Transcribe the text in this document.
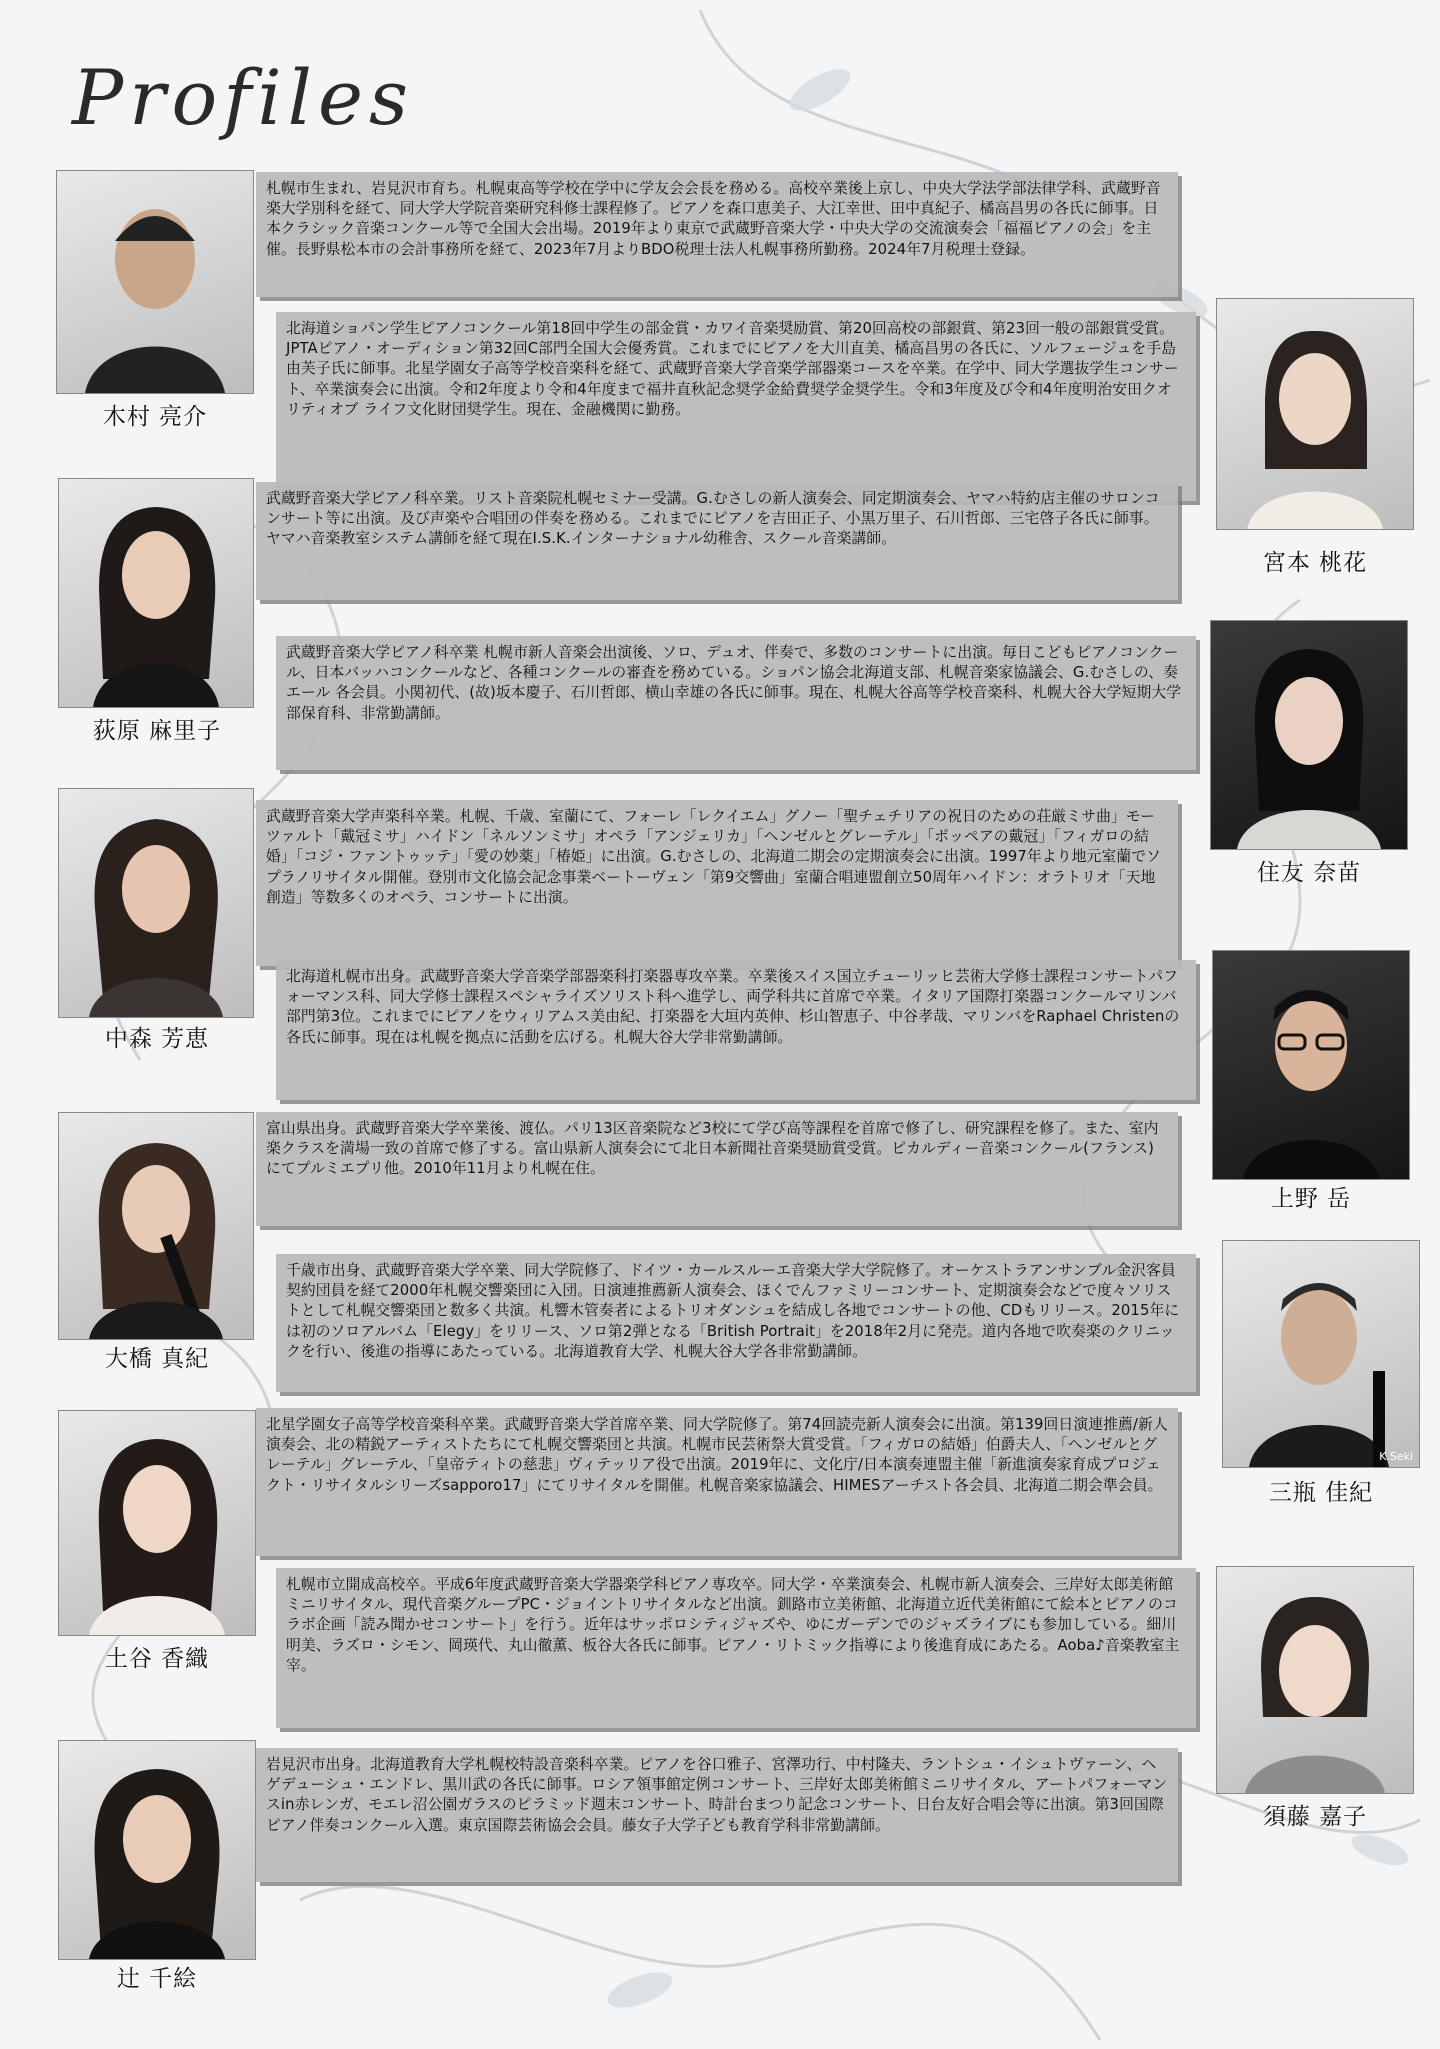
Profiles
木村 亮介
札幌市生まれ、岩見沢市育ち。札幌東高等学校在学中に学友会会長を務める。高校卒業後上京し、中央大学法学部法律学科、武蔵野音楽大学別科を経て、同大学大学院音楽研究科修士課程修了。ピアノを森口恵美子、大江幸世、田中真紀子、橘高昌男の各氏に師事。日本クラシック音楽コンクール等で全国大会出場。2019年より東京で武蔵野音楽大学・中央大学の交流演奏会「福福ピアノの会」を主催。長野県松本市の会計事務所を経て、2023年7月よりBDO税理士法人札幌事務所勤務。2024年7月税理士登録。
宮本 桃花
北海道ショパン学生ピアノコンクール第18回中学生の部金賞・カワイ音楽奨励賞、第20回高校の部銀賞、第23回一般の部銀賞受賞。JPTAピアノ・オーディション第32回C部門全国大会優秀賞。これまでにピアノを大川直美、橘高昌男の各氏に、ソルフェージュを手島由芙子氏に師事。北星学園女子高等学校音楽科を経て、武蔵野音楽大学音楽学部器楽コースを卒業。在学中、同大学選抜学生コンサート、卒業演奏会に出演。令和2年度より令和4年度まで福井直秋記念奨学金給費奨学金奨学生。令和3年度及び令和4年度明治安田クオリティオブ ライフ文化財団奨学生。現在、金融機関に勤務。
荻原 麻里子
武蔵野音楽大学ピアノ科卒業。リスト音楽院札幌セミナー受講。G.むさしの新人演奏会、同定期演奏会、ヤマハ特約店主催のサロンコンサート等に出演。及び声楽や合唱団の伴奏を務める。これまでにピアノを吉田正子、小黒万里子、石川哲郎、三宅啓子各氏に師事。ヤマハ音楽教室システム講師を経て現在I.S.K.インターナショナル幼稚舎、スクール音楽講師。
住友 奈苗
武蔵野音楽大学ピアノ科卒業 札幌市新人音楽会出演後、ソロ、デュオ、伴奏で、多数のコンサートに出演。毎日こどもピアノコンクール、日本バッハコンクールなど、各種コンクールの審査を務めている。ショパン協会北海道支部、札幌音楽家協議会、G.むさしの、奏エール 各会員。小関初代、(故)坂本慶子、石川哲郎、横山幸雄の各氏に師事。現在、札幌大谷高等学校音楽科、札幌大谷大学短期大学部保育科、非常勤講師。
中森 芳恵
武蔵野音楽大学声楽科卒業。札幌、千歳、室蘭にて、フォーレ「レクイエム」グノー「聖チェチリアの祝日のための荘厳ミサ曲」モーツァルト「戴冠ミサ」ハイドン「ネルソンミサ」オペラ「アンジェリカ」「ヘンゼルとグレーテル」「ポッペアの戴冠」「フィガロの結婚」「コジ・ファントゥッテ」「愛の妙薬」「椿姫」に出演。G.むさしの、北海道二期会の定期演奏会に出演。1997年より地元室蘭でソプラノリサイタル開催。登別市文化協会記念事業ベートーヴェン「第9交響曲」室蘭合唱連盟創立50周年ハイドン：オラトリオ「天地創造」等数多くのオペラ、コンサートに出演。
上野 岳
北海道札幌市出身。武蔵野音楽大学音楽学部器楽科打楽器専攻卒業。卒業後スイス国立チューリッヒ芸術大学修士課程コンサートパフォーマンス科、同大学修士課程スペシャライズソリスト科へ進学し、両学科共に首席で卒業。イタリア国際打楽器コンクールマリンバ部門第3位。これまでにピアノをウィリアムス美由紀、打楽器を大垣内英伸、杉山智恵子、中谷孝哉、マリンバをRaphael Christenの各氏に師事。現在は札幌を拠点に活動を広げる。札幌大谷大学非常勤講師。
大橋 真紀
富山県出身。武蔵野音楽大学卒業後、渡仏。パリ13区音楽院など3校にて学び高等課程を首席で修了し、研究課程を修了。また、室内楽クラスを満場一致の首席で修了する。富山県新人演奏会にて北日本新聞社音楽奨励賞受賞。ピカルディー音楽コンクール(フランス)にてプルミエプリ他。2010年11月より札幌在住。
K.Seki
三瓶 佳紀
千歳市出身、武蔵野音楽大学卒業、同大学院修了、ドイツ・カールスルーエ音楽大学大学院修了。オーケストラアンサンブル金沢客員契約団員を経て2000年札幌交響楽団に入団。日演連推薦新人演奏会、ほくでんファミリーコンサート、定期演奏会などで度々ソリストとして札幌交響楽団と数多く共演。札響木管奏者によるトリオダンシュを結成し各地でコンサートの他、CDもリリース。2015年には初のソロアルバム「Elegy」をリリース、ソロ第2弾となる「British Portrait」を2018年2月に発売。道内各地で吹奏楽のクリニックを行い、後進の指導にあたっている。北海道教育大学、札幌大谷大学各非常勤講師。
土谷 香織
北星学園女子高等学校音楽科卒業。武蔵野音楽大学首席卒業、同大学院修了。第74回読売新人演奏会に出演。第139回日演連推薦/新人演奏会、北の精鋭アーティストたちにて札幌交響楽団と共演。札幌市民芸術祭大賞受賞。「フィガロの結婚」伯爵夫人、「ヘンゼルとグレーテル」グレーテル、「皇帝ティトの慈悲」ヴィテッリア役で出演。2019年に、文化庁/日本演奏連盟主催「新進演奏家育成プロジェクト・リサイタルシリーズsapporo17」にてリサイタルを開催。札幌音楽家協議会、HIMESアーチスト各会員、北海道二期会準会員。
須藤 嘉子
札幌市立開成高校卒。平成6年度武蔵野音楽大学器楽学科ピアノ専攻卒。同大学・卒業演奏会、札幌市新人演奏会、三岸好太郎美術館ミニリサイタル、現代音楽グループPC・ジョイントリサイタルなど出演。釧路市立美術館、北海道立近代美術館にて絵本とピアノのコラボ企画「読み聞かせコンサート」を行う。近年はサッポロシティジャズや、ゆにガーデンでのジャズライブにも参加している。細川明美、ラズロ・シモン、岡瑛代、丸山徹薫、板谷大各氏に師事。ピアノ・リトミック指導により後進育成にあたる。Aoba♪音楽教室主宰。
辻 千絵
岩見沢市出身。北海道教育大学札幌校特設音楽科卒業。ピアノを谷口雅子、宮澤功行、中村隆夫、ラントシュ・イシュトヴァーン、ヘゲデューシュ・エンドレ、黒川武の各氏に師事。ロシア領事館定例コンサート、三岸好太郎美術館ミニリサイタル、アートパフォーマンスin赤レンガ、モエレ沼公園ガラスのピラミッド週末コンサート、時計台まつり記念コンサート、日台友好合唱会等に出演。第3回国際ピアノ伴奏コンクール入選。東京国際芸術協会会員。藤女子大学子ども教育学科非常勤講師。
